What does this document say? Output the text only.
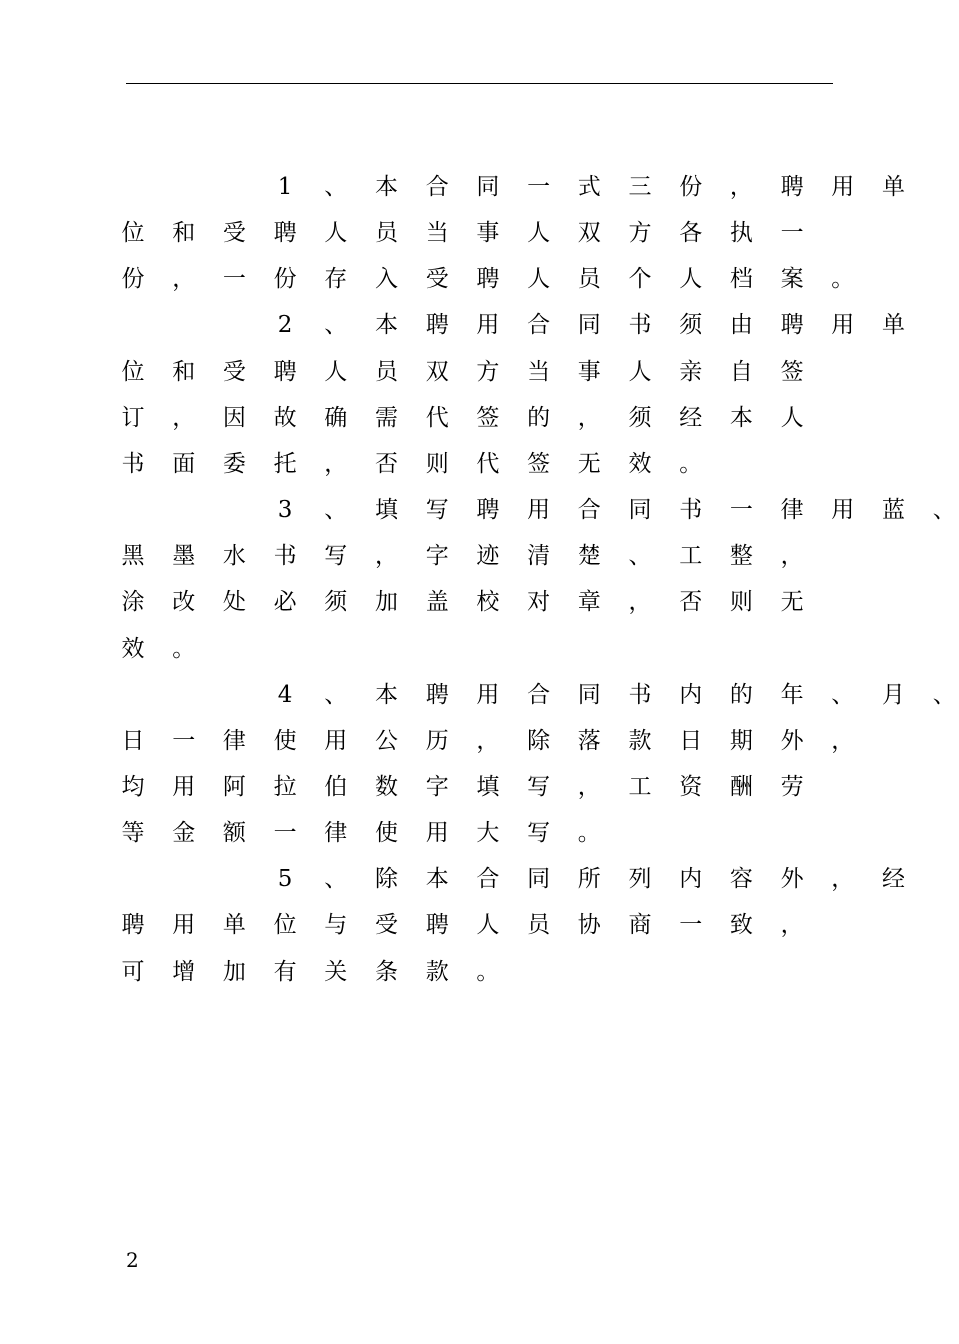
1	、 本 合 同 一 式 三 份 ， 聘 用 单
位 和 受 聘 人 员 当 事 人 双 方 各 执 一
份 ， 一 份 存 入 受 聘 人 员 个 人 档 案 。
2	、 本 聘 用 合 同 书 须 由 聘 用 单
位 和 受 聘 人 员 双 方 当 事 人 亲 自 签
订 ， 因 故 确 需 代 签 的 ， 须 经 本 人
书 面 委 托 ， 否 则 代 签 无 效 。
3	、 填 写 聘 用 合 同 书 一 律 用 蓝 、
黑 墨 水 书 写 ， 字 迹 清 楚 、 工 整 ，
涂 改 处 必 须 加 盖 校 对 章 ， 否 则 无
效 。
4	、 本 聘 用 合 同 书 内 的 年 、 月 、
日 一 律 使 用 公 历 ， 除 落 款 日 期 外 ，
均 用 阿 拉 伯 数 字 填 写 ， 工 资 酬 劳
等 金 额 一 律 使 用 大 写 。
5	、 除 本 合 同 所 列 内 容 外 ， 经
聘 用 单 位 与 受 聘 人 员 协 商 一 致 ，
可 增 加 有 关 条 款 。
2
